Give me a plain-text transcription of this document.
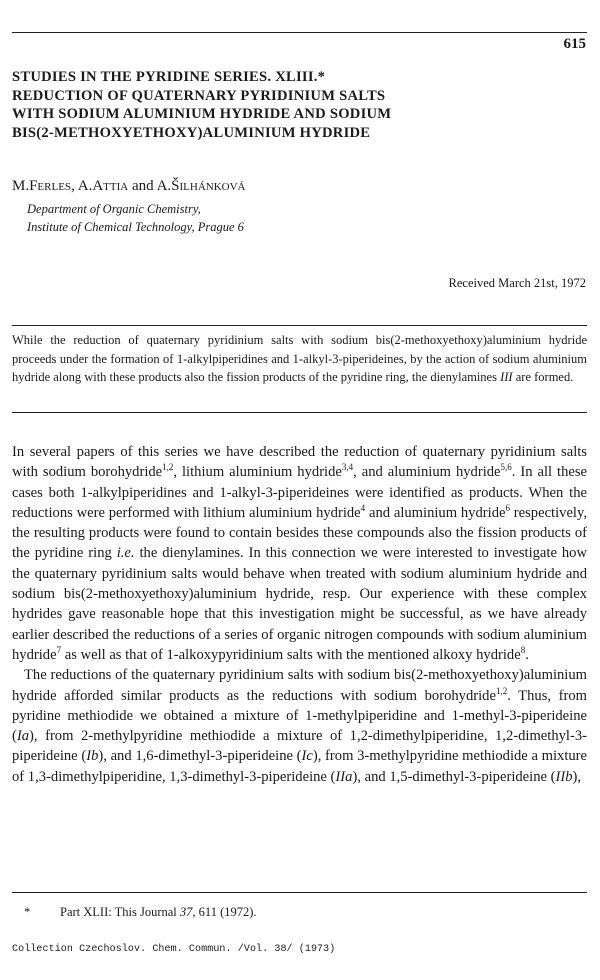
615
STUDIES IN THE PYRIDINE SERIES. XLIII.*
REDUCTION OF QUATERNARY PYRIDINIUM SALTS
WITH SODIUM ALUMINIUM HYDRIDE AND SODIUM
BIS(2-METHOXYETHOXY)ALUMINIUM HYDRIDE
M.Ferles, A.Attia and A.Šilhánková
Department of Organic Chemistry,
Institute of Chemical Technology, Prague 6
Received March 21st, 1972

While the reduction of quaternary pyridinium salts with sodium bis(2-methoxyethoxy)aluminium hydride proceeds under the formation of 1-alkylpiperidines and 1-alkyl-3-piperideines, by the action of sodium aluminium hydride along with these products also the fission products of the pyridine ring, the dienylamines III are formed.

In several papers of this series we have described the reduction of quaternary pyridinium salts with sodium borohydride$^{1,2}$, lithium aluminium hydride$^{3,4}$, and aluminium hydride$^{5,6}$. In all these cases both 1-alkylpiperidines and 1-alkyl-3-piperideines were identified as products. When the reductions were performed with lithium aluminium hydride$^4$ and aluminium hydride$^6$ respectively, the resulting products were found to contain besides these compounds also the fission products of the pyridine ring i.e. the dienylamines. In this connection we were interested to investigate how the quaternary pyridinium salts would behave when treated with sodium aluminium hydride and sodium bis(2-methoxyethoxy)aluminium hydride, resp. Our experience with these complex hydrides gave reasonable hope that this investigation might be successful, as we have already earlier described the reductions of a series of organic nitrogen compounds with sodium aluminium hydride$^7$ as well as that of 1-alkoxypyridinium salts with the mentioned alkoxy hydride$^8$.

The reductions of the quaternary pyridinium salts with sodium bis(2-methoxyethoxy)aluminium hydride afforded similar products as the reductions with sodium borohydride$^{1,2}$. Thus, from pyridine methiodide we obtained a mixture of 1-methylpiperidine and 1-methyl-3-piperideine (Ia), from 2-methylpyridine methiodide a mixture of 1,2-dimethylpiperidine, 1,2-dimethyl-3-piperideine (Ib), and 1,6-dimethyl-3-piperideine (Ic), from 3-methylpyridine methiodide a mixture of 1,3-dimethylpiperidine, 1,3-dimethyl-3-piperideine (IIa), and 1,5-dimethyl-3-piperideine (IIb),

* Part XLII: This Journal 37, 611 (1972).
Collection Czechoslov. Chem. Commun. /Vol. 38/ (1973)
